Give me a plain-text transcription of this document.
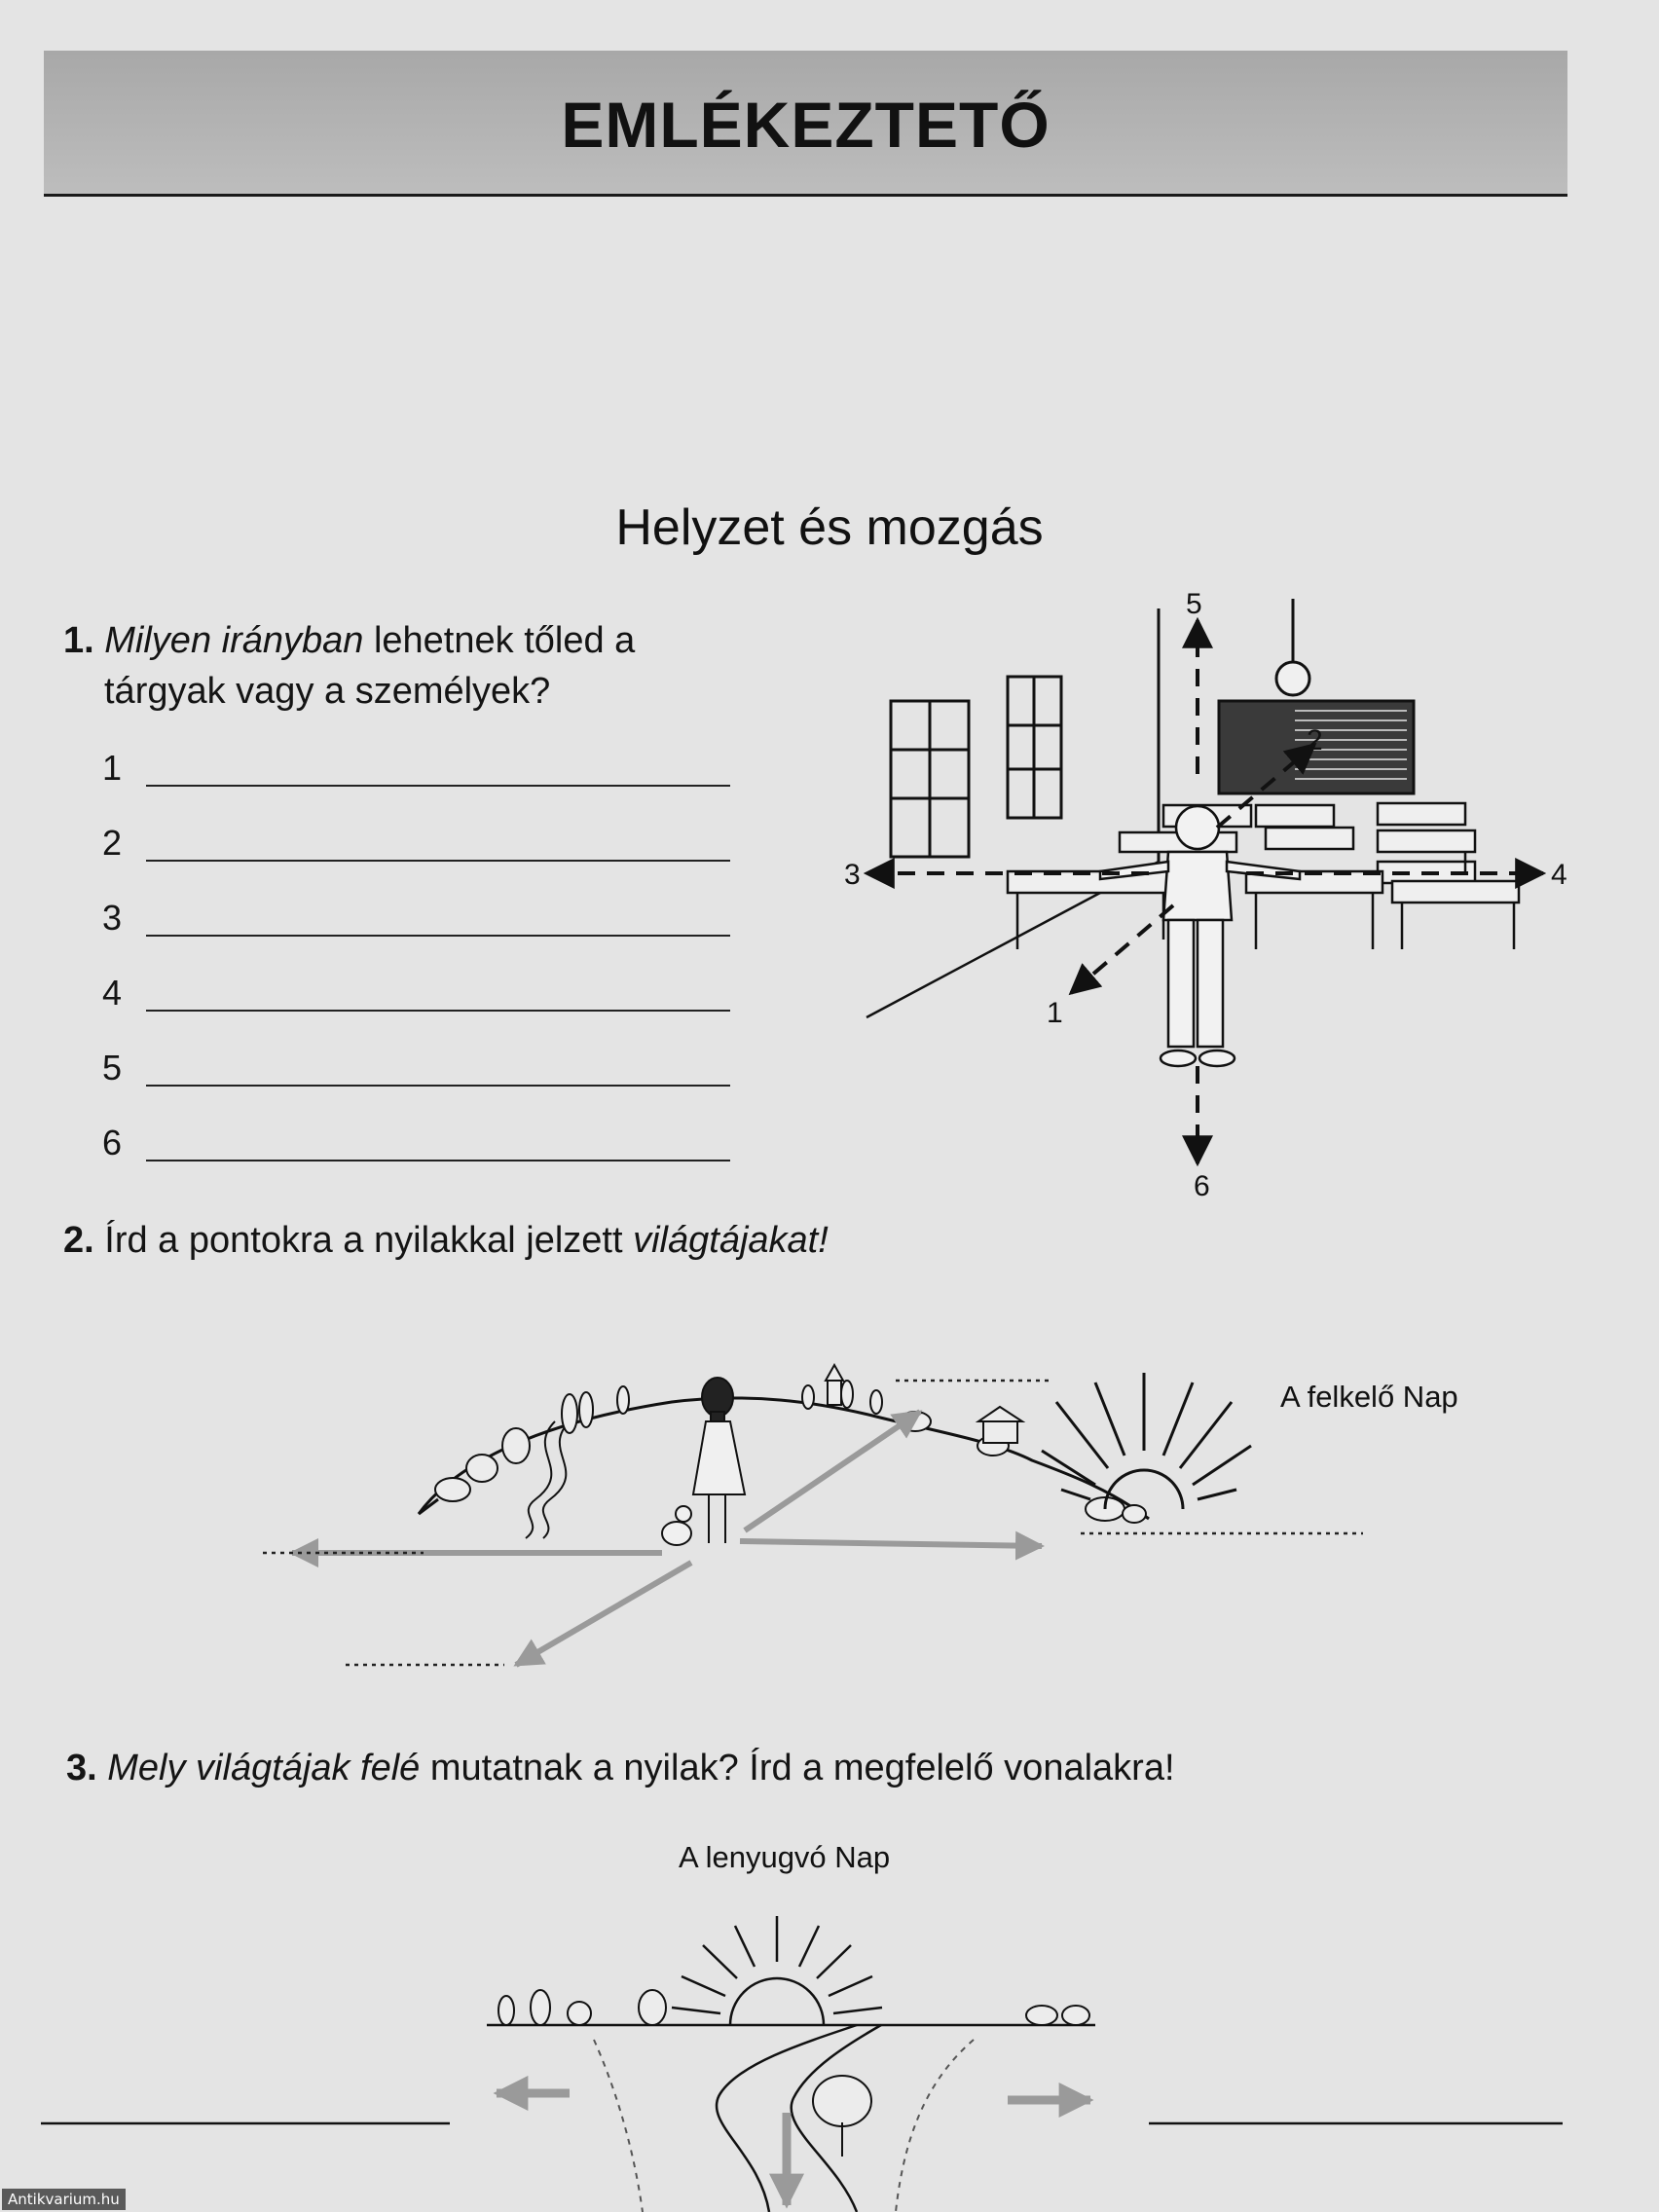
EMLÉKEZTETŐ
Helyzet és mozgás
1. Milyen irányban lehetnek tőled a
tárgyak vagy a személyek?
1
2
3
4
5
6
1
2
3	4
5
6
2. Írd a pontokra a nyilakkal jelzett világtájakat!
A felkelő Nap
3. Mely világtájak felé mutatnak a nyilak? Írd a megfelelő vonalakra!
A lenyugvó Nap
Antikvarium.hu
